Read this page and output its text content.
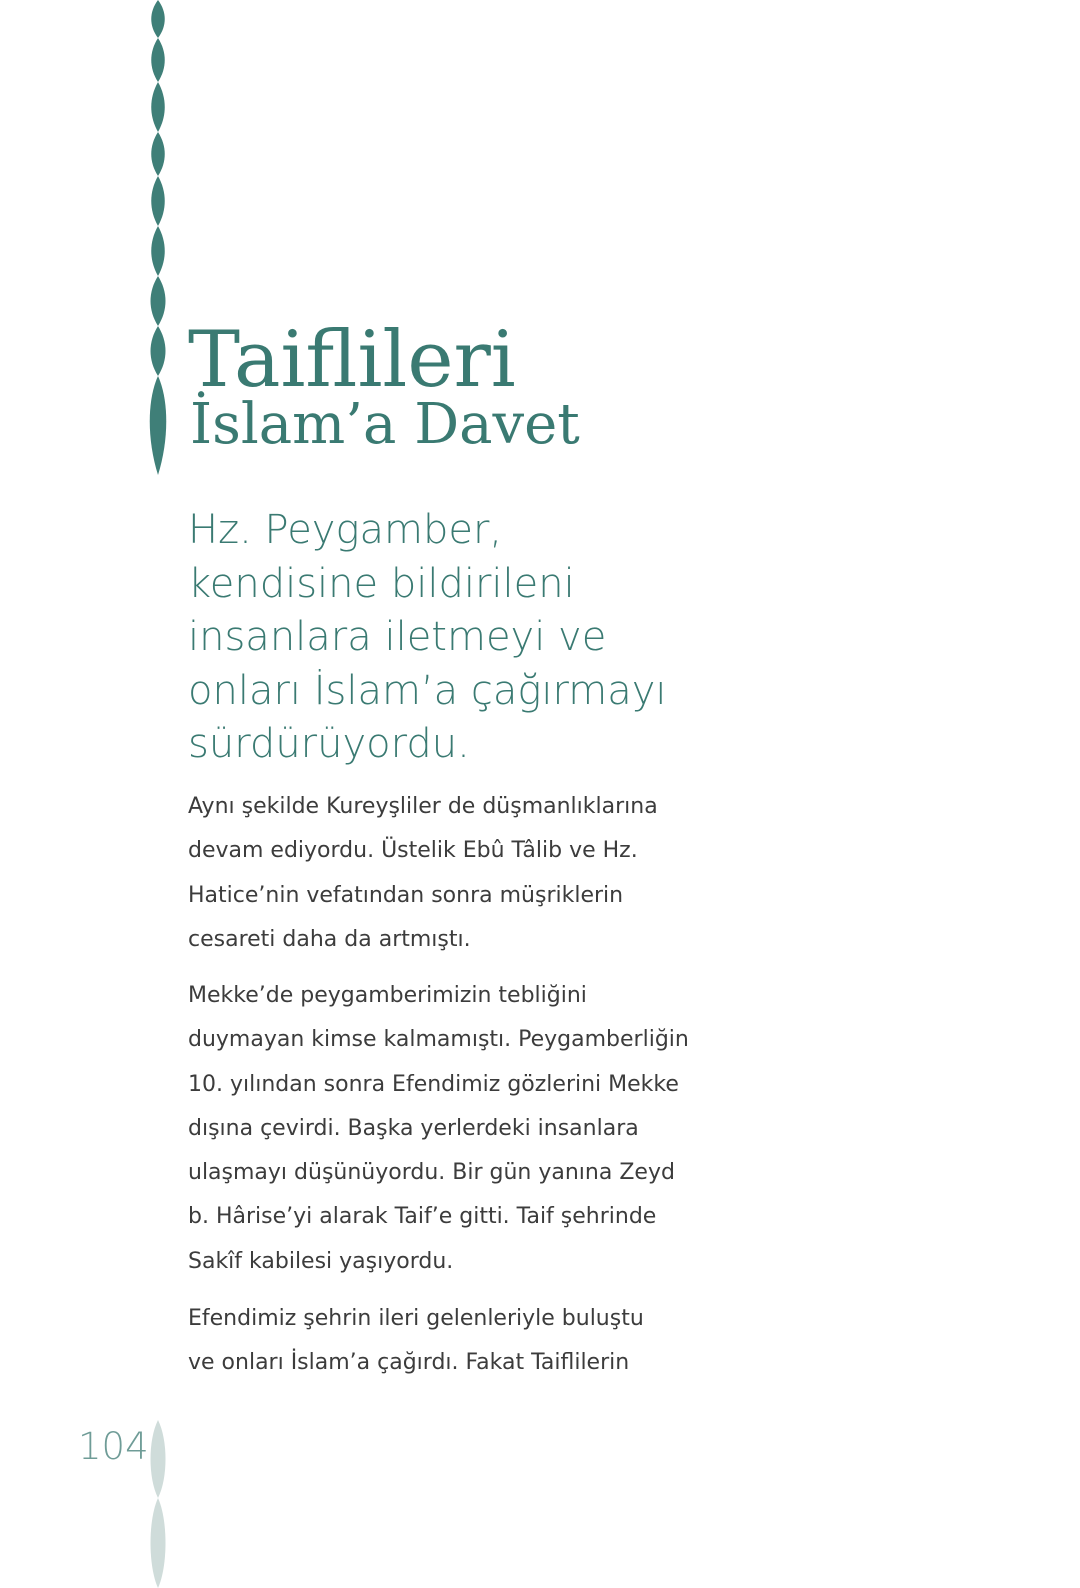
Taiflileri
İslam’a Davet

Hz. Peygamber,
kendisine bildirileni
insanlara iletmeyi ve
onları İslam’a çağırmayı
sürdürüyordu.

Aynı şekilde Kureyşliler de düşmanlıklarına
devam ediyordu. Üstelik Ebû Tâlib ve Hz.
Hatice’nin vefatından sonra müşriklerin
cesareti daha da artmıştı.

Mekke’de peygamberimizin tebliğini
duymayan kimse kalmamıştı. Peygamberliğin
10. yılından sonra Efendimiz gözlerini Mekke
dışına çevirdi. Başka yerlerdeki insanlara
ulaşmayı düşünüyordu. Bir gün yanına Zeyd
b. Hârise’yi alarak Taif’e gitti. Taif şehrinde
Sakîf kabilesi yaşıyordu.

Efendimiz şehrin ileri gelenleriyle buluştu
ve onları İslam’a çağırdı. Fakat Taiflilerin

104
